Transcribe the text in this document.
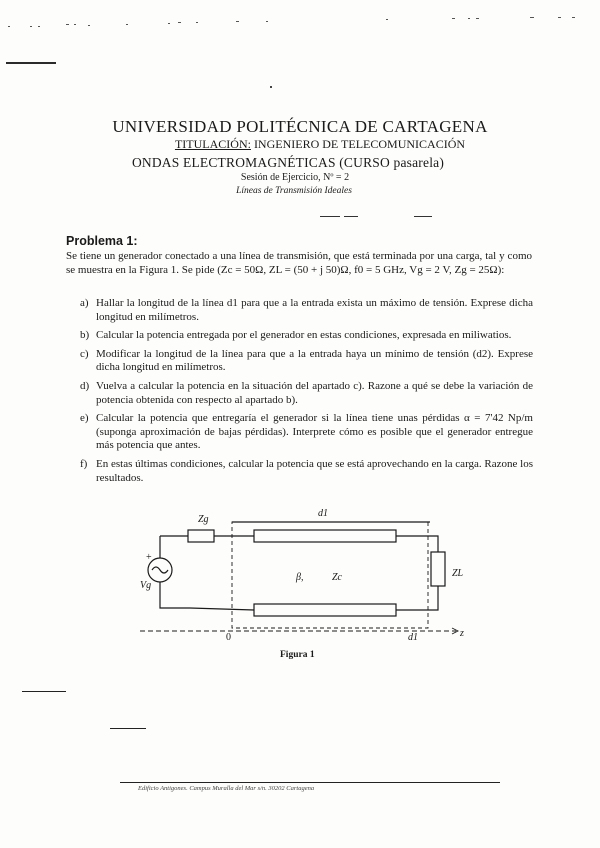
UNIVERSIDAD POLITÉCNICA DE CARTAGENA
TITULACIÓN: INGENIERO DE TELECOMUNICACIÓN
ONDAS ELECTROMAGNÉTICAS (CURSO pasarela)
Sesión de Ejercicio, Nº = 2
Líneas de Transmisión Ideales
Problema 1:
Se tiene un generador conectado a una línea de transmisión, que está terminada por una carga, tal y como se muestra en la Figura 1. Se pide (Zc = 50Ω, ZL = (50 + j 50)Ω, f0 = 5 GHz, Vg = 2 V, Zg = 25Ω):
a) Hallar la longitud de la línea d1 para que a la entrada exista un máximo de tensión. Exprese dicha longitud en milímetros.
b) Calcular la potencia entregada por el generador en estas condiciones, expresada en miliwatios.
c) Modificar la longitud de la línea para que a la entrada haya un mínimo de tensión (d2). Exprese dicha longitud en milímetros.
d) Vuelva a calcular la potencia en la situación del apartado c). Razone a qué se debe la variación de potencia obtenida con respecto al apartado b).
e) Calcular la potencia que entregaría el generador si la línea tiene unas pérdidas α = 7'42 Np/m (suponga aproximación de bajas pérdidas). Interprete cómo es posible que el generador entregue más potencia que antes.
f) En estas últimas condiciones, calcular la potencia que se está aprovechando en la carga. Razone los resultados.
Zg
d1
+
Vg
β,	Zc	ZL
0	d1	z
Figura 1
Edificio Antigones. Campus Muralla del Mar s/n. 30202 Cartagena
